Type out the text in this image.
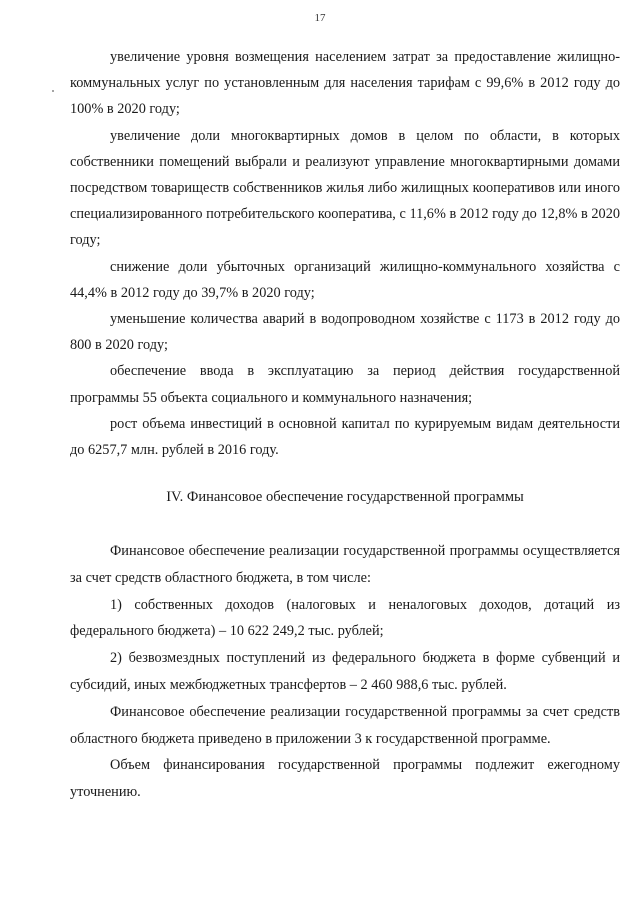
17

увеличение уровня возмещения населением затрат за предоставление жилищно-коммунальных услуг по установленным для населения тарифам с 99,6% в 2012 году до 100% в 2020 году;

увеличение доли многоквартирных домов в целом по области, в которых собственники помещений выбрали и реализуют управление многоквартирными домами посредством товариществ собственников жилья либо жилищных кооперативов или иного специализированного потребительского кооператива, с 11,6% в 2012 году до 12,8% в 2020 году;

снижение доли убыточных организаций жилищно-коммунального хозяйства с 44,4% в 2012 году до 39,7% в 2020 году;

уменьшение количества аварий в водопроводном хозяйстве с 1173 в 2012 году до 800 в 2020 году;

обеспечение ввода в эксплуатацию за период действия государственной программы 55 объекта социального и коммунального назначения;

рост объема инвестиций в основной капитал по курируемым видам деятельности до 6257,7 млн. рублей в 2016 году.

IV. Финансовое обеспечение государственной программы

Финансовое обеспечение реализации государственной программы осуществляется за счет средств областного бюджета, в том числе:

1) собственных доходов (налоговых и неналоговых доходов, дотаций из федерального бюджета) – 10 622 249,2 тыс. рублей;

2) безвозмездных поступлений из федерального бюджета в форме субвенций и субсидий, иных межбюджетных трансфертов – 2 460 988,6 тыс. рублей.

Финансовое обеспечение реализации государственной программы за счет средств областного бюджета приведено в приложении 3 к государственной программе.

Объем финансирования государственной программы подлежит ежегодному уточнению.
